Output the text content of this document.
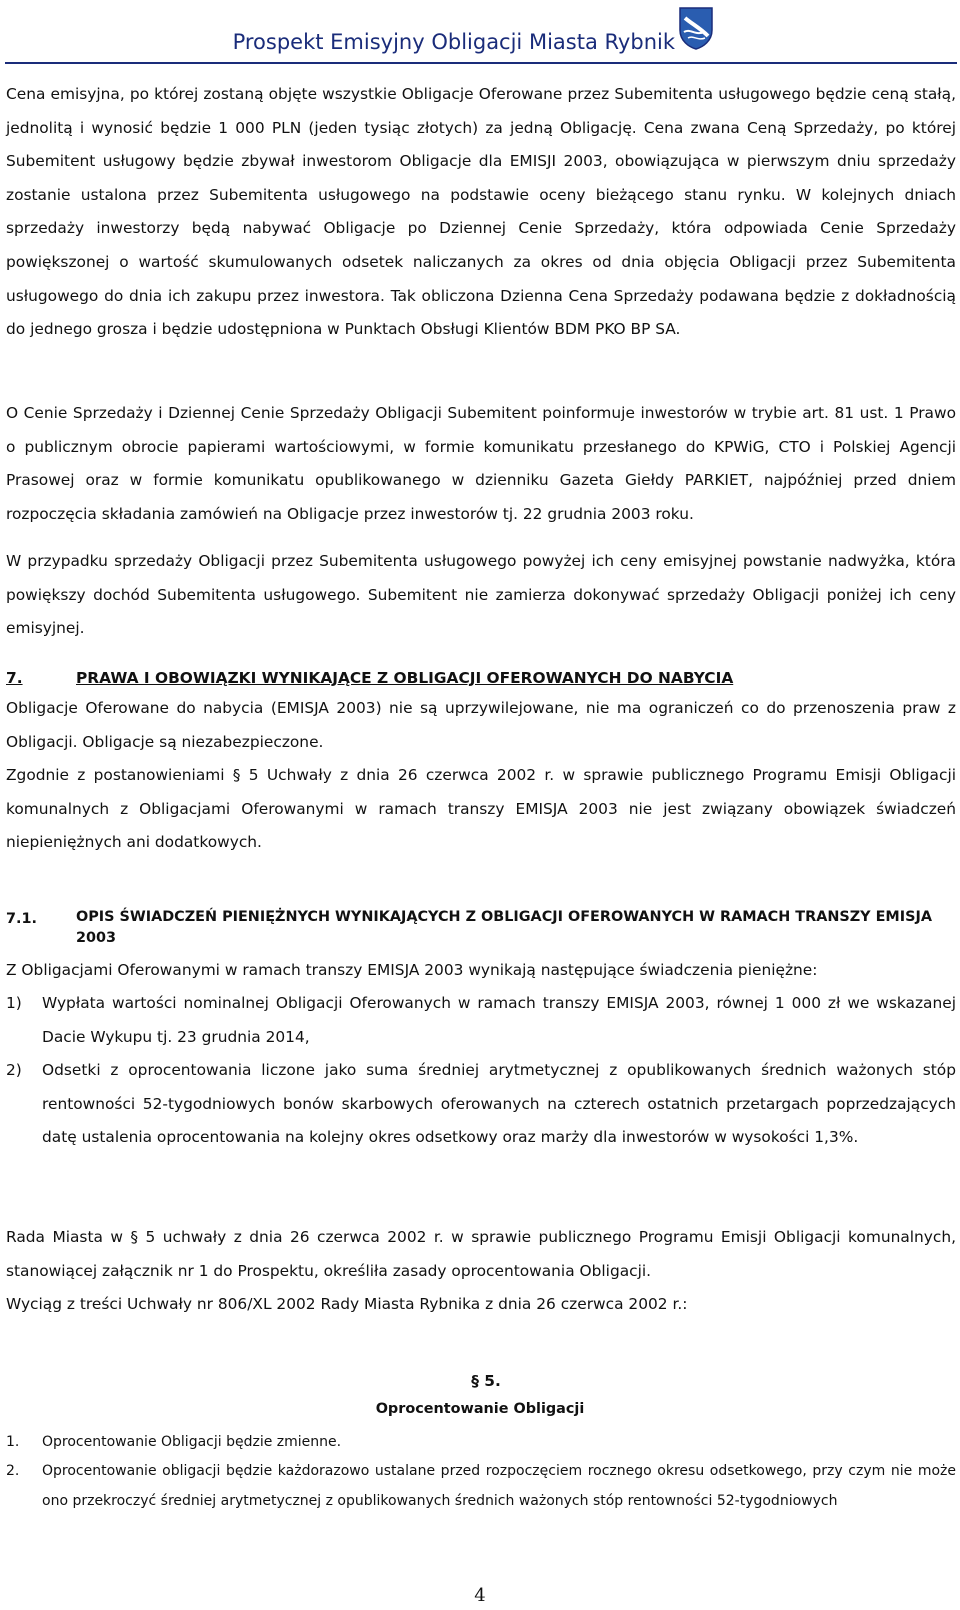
Prospekt Emisyjny Obligacji Miasta Rybnik

Cena emisyjna, po której zostaną objęte wszystkie Obligacje Oferowane przez Subemitenta usługowego będzie ceną stałą, jednolitą i wynosić będzie 1 000 PLN (jeden tysiąc złotych) za jedną Obligację. Cena zwana Ceną Sprzedaży, po której Subemitent usługowy będzie zbywał inwestorom Obligacje dla EMISJI 2003, obowiązująca w pierwszym dniu sprzedaży zostanie ustalona przez Subemitenta usługowego na podstawie oceny bieżącego stanu rynku. W kolejnych dniach sprzedaży inwestorzy będą nabywać Obligacje po Dziennej Cenie Sprzedaży, która odpowiada Cenie Sprzedaży powiększonej o wartość skumulowanych odsetek naliczanych za okres od dnia objęcia Obligacji przez Subemitenta usługowego do dnia ich zakupu przez inwestora. Tak obliczona Dzienna Cena Sprzedaży podawana będzie z dokładnością do jednego grosza i będzie udostępniona w Punktach Obsługi Klientów BDM PKO BP SA.

O Cenie Sprzedaży i Dziennej Cenie Sprzedaży Obligacji Subemitent poinformuje inwestorów w trybie art. 81 ust. 1 Prawo o publicznym obrocie papierami wartościowymi, w formie komunikatu przesłanego do KPWiG, CTO i Polskiej Agencji Prasowej oraz w formie komunikatu opublikowanego w dzienniku Gazeta Giełdy PARKIET, najpóźniej przed dniem rozpoczęcia składania zamówień na Obligacje przez inwestorów tj. 22 grudnia 2003 roku.

W przypadku sprzedaży Obligacji przez Subemitenta usługowego powyżej ich ceny emisyjnej powstanie nadwyżka, która powiększy dochód Subemitenta usługowego. Subemitent nie zamierza dokonywać sprzedaży Obligacji poniżej ich ceny emisyjnej.

7.	PRAWA I OBOWIĄZKI WYNIKAJĄCE Z OBLIGACJI OFEROWANYCH DO NABYCIA

Obligacje Oferowane do nabycia (EMISJA 2003) nie są uprzywilejowane, nie ma ograniczeń co do przenoszenia praw z Obligacji. Obligacje są niezabezpieczone.

Zgodnie z postanowieniami § 5 Uchwały z dnia 26 czerwca 2002 r. w sprawie publicznego Programu Emisji Obligacji komunalnych z Obligacjami Oferowanymi w ramach transzy EMISJA 2003 nie jest związany obowiązek świadczeń niepieniężnych ani dodatkowych.

7.1.	OPIS ŚWIADCZEŃ PIENIĘŻNYCH WYNIKAJĄCYCH Z OBLIGACJI OFEROWANYCH W RAMACH TRANSZY EMISJA 2003

Z Obligacjami Oferowanymi w ramach transzy EMISJA 2003 wynikają następujące świadczenia pieniężne:

1) Wypłata wartości nominalnej Obligacji Oferowanych w ramach transzy EMISJA 2003, równej 1 000 zł we wskazanej Dacie Wykupu tj. 23 grudnia 2014,
2) Odsetki z oprocentowania liczone jako suma średniej arytmetycznej z opublikowanych średnich ważonych stóp rentowności 52-tygodniowych bonów skarbowych oferowanych na czterech ostatnich przetargach poprzedzających datę ustalenia oprocentowania na kolejny okres odsetkowy oraz marży dla inwestorów w wysokości 1,3%.

Rada Miasta w § 5 uchwały z dnia 26 czerwca 2002 r. w sprawie publicznego Programu Emisji Obligacji komunalnych, stanowiącej załącznik nr 1 do Prospektu, określiła zasady oprocentowania Obligacji.

Wyciąg z treści Uchwały nr 806/XL 2002 Rady Miasta Rybnika z dnia 26 czerwca 2002 r.:

§ 5.
Oprocentowanie Obligacji
1. Oprocentowanie Obligacji będzie zmienne.
2. Oprocentowanie obligacji będzie każdorazowo ustalane przed rozpoczęciem rocznego okresu odsetkowego, przy czym nie może ono przekroczyć średniej arytmetycznej z opublikowanych średnich ważonych stóp rentowności 52-tygodniowych
4
